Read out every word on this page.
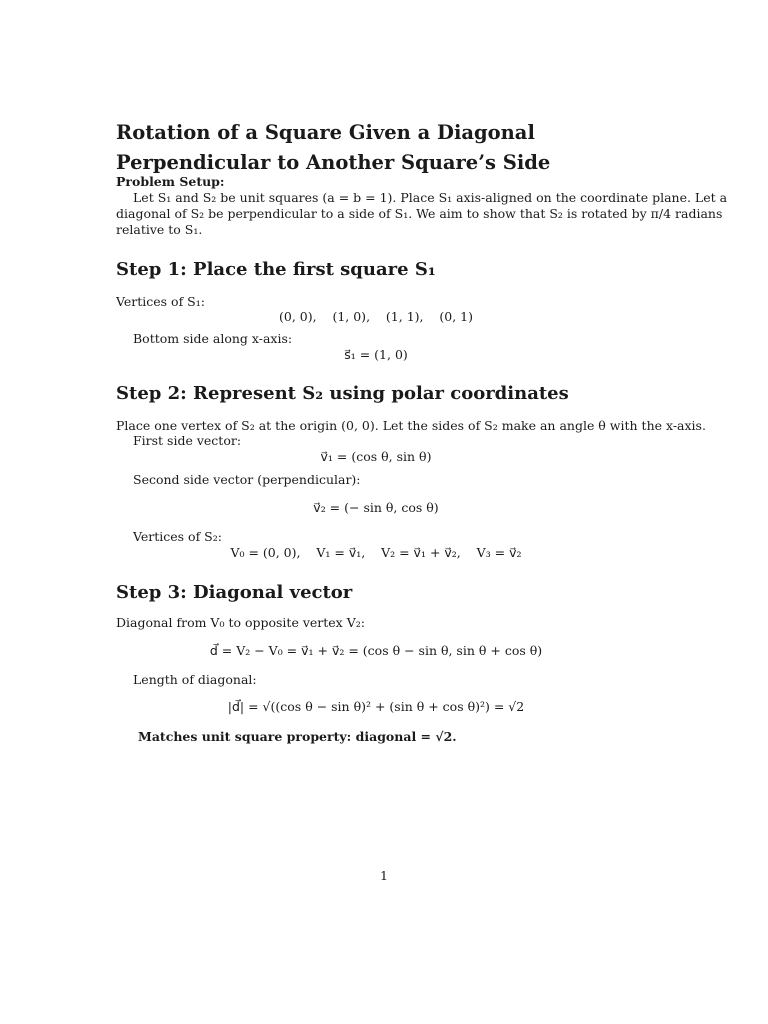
Rotation of a Square Given a Diagonal Perpendicular to Another Square’s Side
Problem Setup:
Let S₁ and S₂ be unit squares (a = b = 1). Place S₁ axis-aligned on the coordinate plane. Let a
diagonal of S₂ be perpendicular to a side of S₁. We aim to show that S₂ is rotated by π/4 radians
relative to S₁.
Step 1: Place the first square S₁
Vertices of S₁:
(0, 0),    (1, 0),    (1, 1),    (0, 1)
Bottom side along x-axis:
s⃗₁ = (1, 0)
Step 2: Represent S₂ using polar coordinates
Place one vertex of S₂ at the origin (0, 0). Let the sides of S₂ make an angle θ with the x-axis.
First side vector:
v⃗₁ = (cos θ, sin θ)
Second side vector (perpendicular):
v⃗₂ = (− sin θ, cos θ)
Vertices of S₂:
V₀ = (0, 0),    V₁ = v⃗₁,    V₂ = v⃗₁ + v⃗₂,    V₃ = v⃗₂
Step 3: Diagonal vector
Diagonal from V₀ to opposite vertex V₂:
d⃗ = V₂ − V₀ = v⃗₁ + v⃗₂ = (cos θ − sin θ, sin θ + cos θ)
Length of diagonal:
|d⃗| = √((cos θ − sin θ)² + (sin θ + cos θ)²) = √2
Matches unit square property: diagonal = √2.
1
